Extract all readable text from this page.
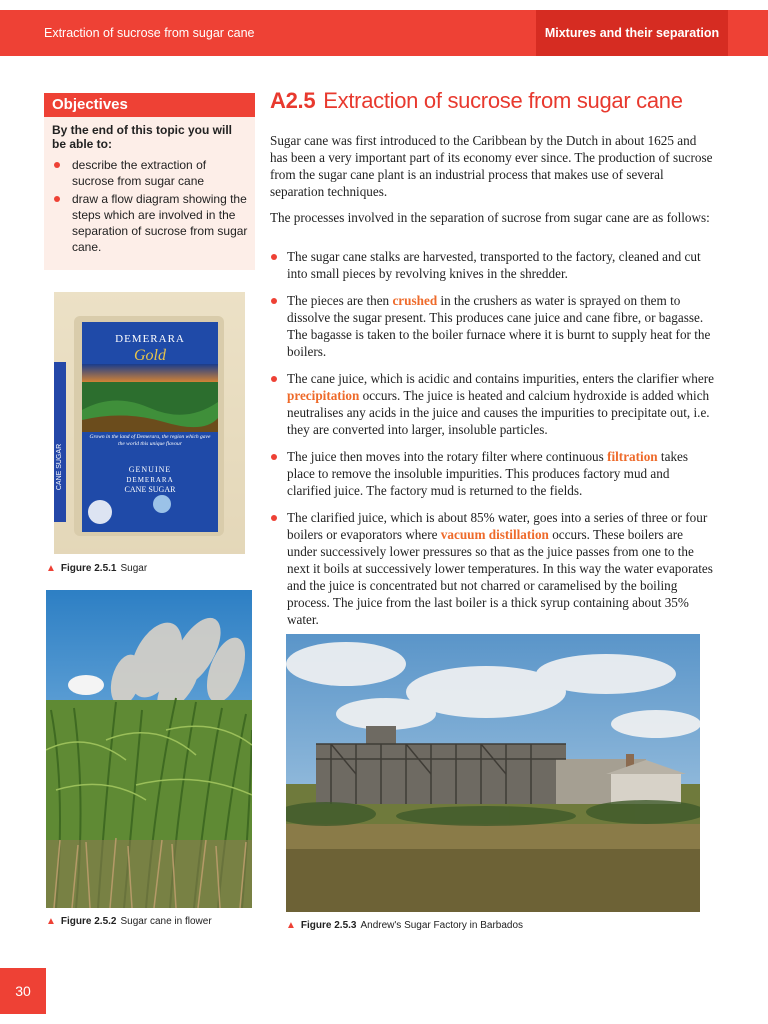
Extraction of sucrose from sugar cane	Mixtures and their separation
Objectives
By the end of this topic you will be able to:
describe the extraction of sucrose from sugar cane
draw a flow diagram showing the steps which are involved in the separation of sucrose from sugar cane.
CANE SUGAR
DEMERARA
Gold
Grown in the land of Demerara, the region which gave the world this unique flavour
GENUINE
DEMERARA
CANE SUGAR
▲ Figure 2.5.1 Sugar
▲ Figure 2.5.2 Sugar cane in flower
A2.5 Extraction of sucrose from sugar cane
Sugar cane was first introduced to the Caribbean by the Dutch in about 1625 and has been a very important part of its economy ever since. The production of sucrose from the sugar cane plant is an industrial process that makes use of several separation techniques.
The processes involved in the separation of sucrose from sugar cane are as follows:
The sugar cane stalks are harvested, transported to the factory, cleaned and cut into small pieces by revolving knives in the shredder.
The pieces are then crushed in the crushers as water is sprayed on them to dissolve the sugar present. This produces cane juice and cane fibre, or bagasse. The bagasse is taken to the boiler furnace where it is burnt to supply heat for the boilers.
The cane juice, which is acidic and contains impurities, enters the clarifier where precipitation occurs. The juice is heated and calcium hydroxide is added which neutralises any acids in the juice and causes the impurities to precipitate out, i.e. they are converted into larger, insoluble particles.
The juice then moves into the rotary filter where continuous filtration takes place to remove the insoluble impurities. This produces factory mud and clarified juice. The factory mud is returned to the fields.
The clarified juice, which is about 85% water, goes into a series of three or four boilers or evaporators where vacuum distillation occurs. These boilers are under successively lower pressures so that as the juice passes from one to the next it boils at successively lower temperatures. In this way the water evaporates and the juice is concentrated but not charred or caramelised by the boiling process. The juice from the last boiler is a thick syrup containing about 35% water.
▲ Figure 2.5.3 Andrew's Sugar Factory in Barbados
30
